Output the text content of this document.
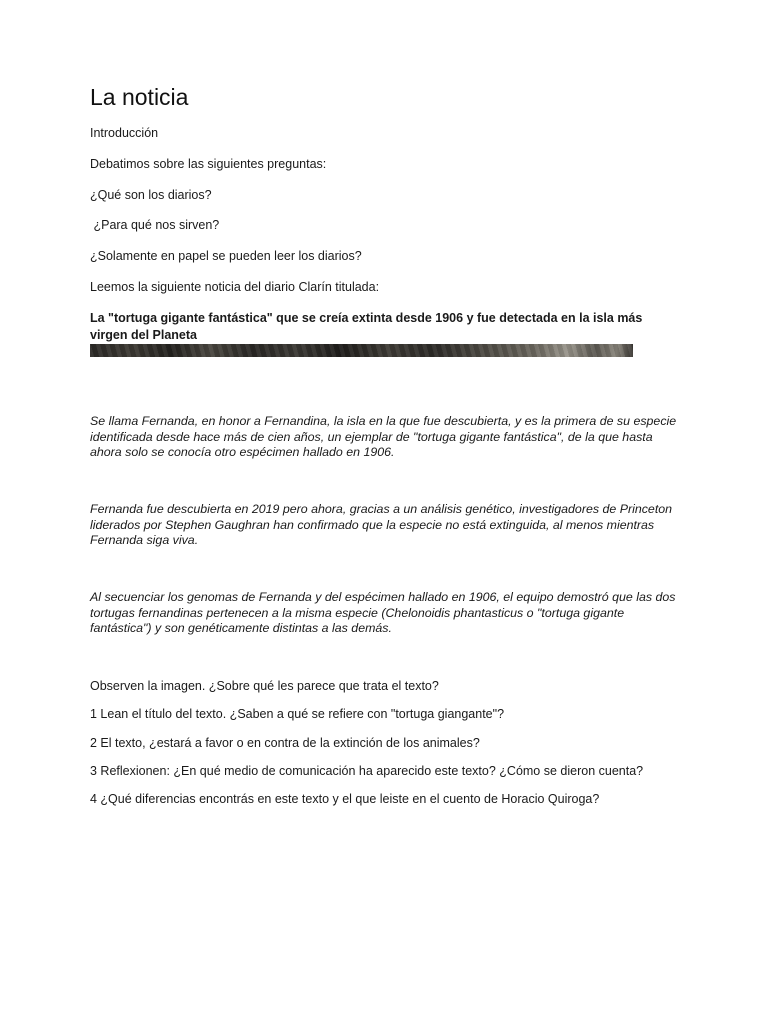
La noticia

Introducción

Debatimos sobre las siguientes preguntas:

¿Qué son los diarios?

¿Para qué nos sirven?

¿Solamente en papel se pueden leer los diarios?

Leemos la siguiente noticia del diario Clarín titulada:

La "tortuga gigante fantástica" que se creía extinta desde 1906 y fue detectada en la isla más virgen del Planeta

Se llama Fernanda, en honor a Fernandina, la isla en la que fue descubierta, y es la primera de su especie identificada desde hace más de cien años, un ejemplar de "tortuga gigante fantástica", de la que hasta ahora solo se conocía otro espécimen hallado en 1906.

Fernanda fue descubierta en 2019 pero ahora, gracias a un análisis genético, investigadores de Princeton liderados por Stephen Gaughran han confirmado que la especie no está extinguida, al menos mientras Fernanda siga viva.

Al secuenciar los genomas de Fernanda y del espécimen hallado en 1906, el equipo demostró que las dos tortugas fernandinas pertenecen a la misma especie (Chelonoidis phantasticus o "tortuga gigante fantástica") y son genéticamente distintas a las demás.

Observen la imagen. ¿Sobre qué les parece que trata el texto?

1 Lean el título del texto. ¿Saben a qué se refiere con "tortuga giangante"?

2 El texto, ¿estará a favor o en contra de la extinción de los animales?

3 Reflexionen: ¿En qué medio de comunicación ha aparecido este texto? ¿Cómo se dieron cuenta?

4 ¿Qué diferencias encontrás en este texto y el que leiste en el cuento de Horacio Quiroga?
